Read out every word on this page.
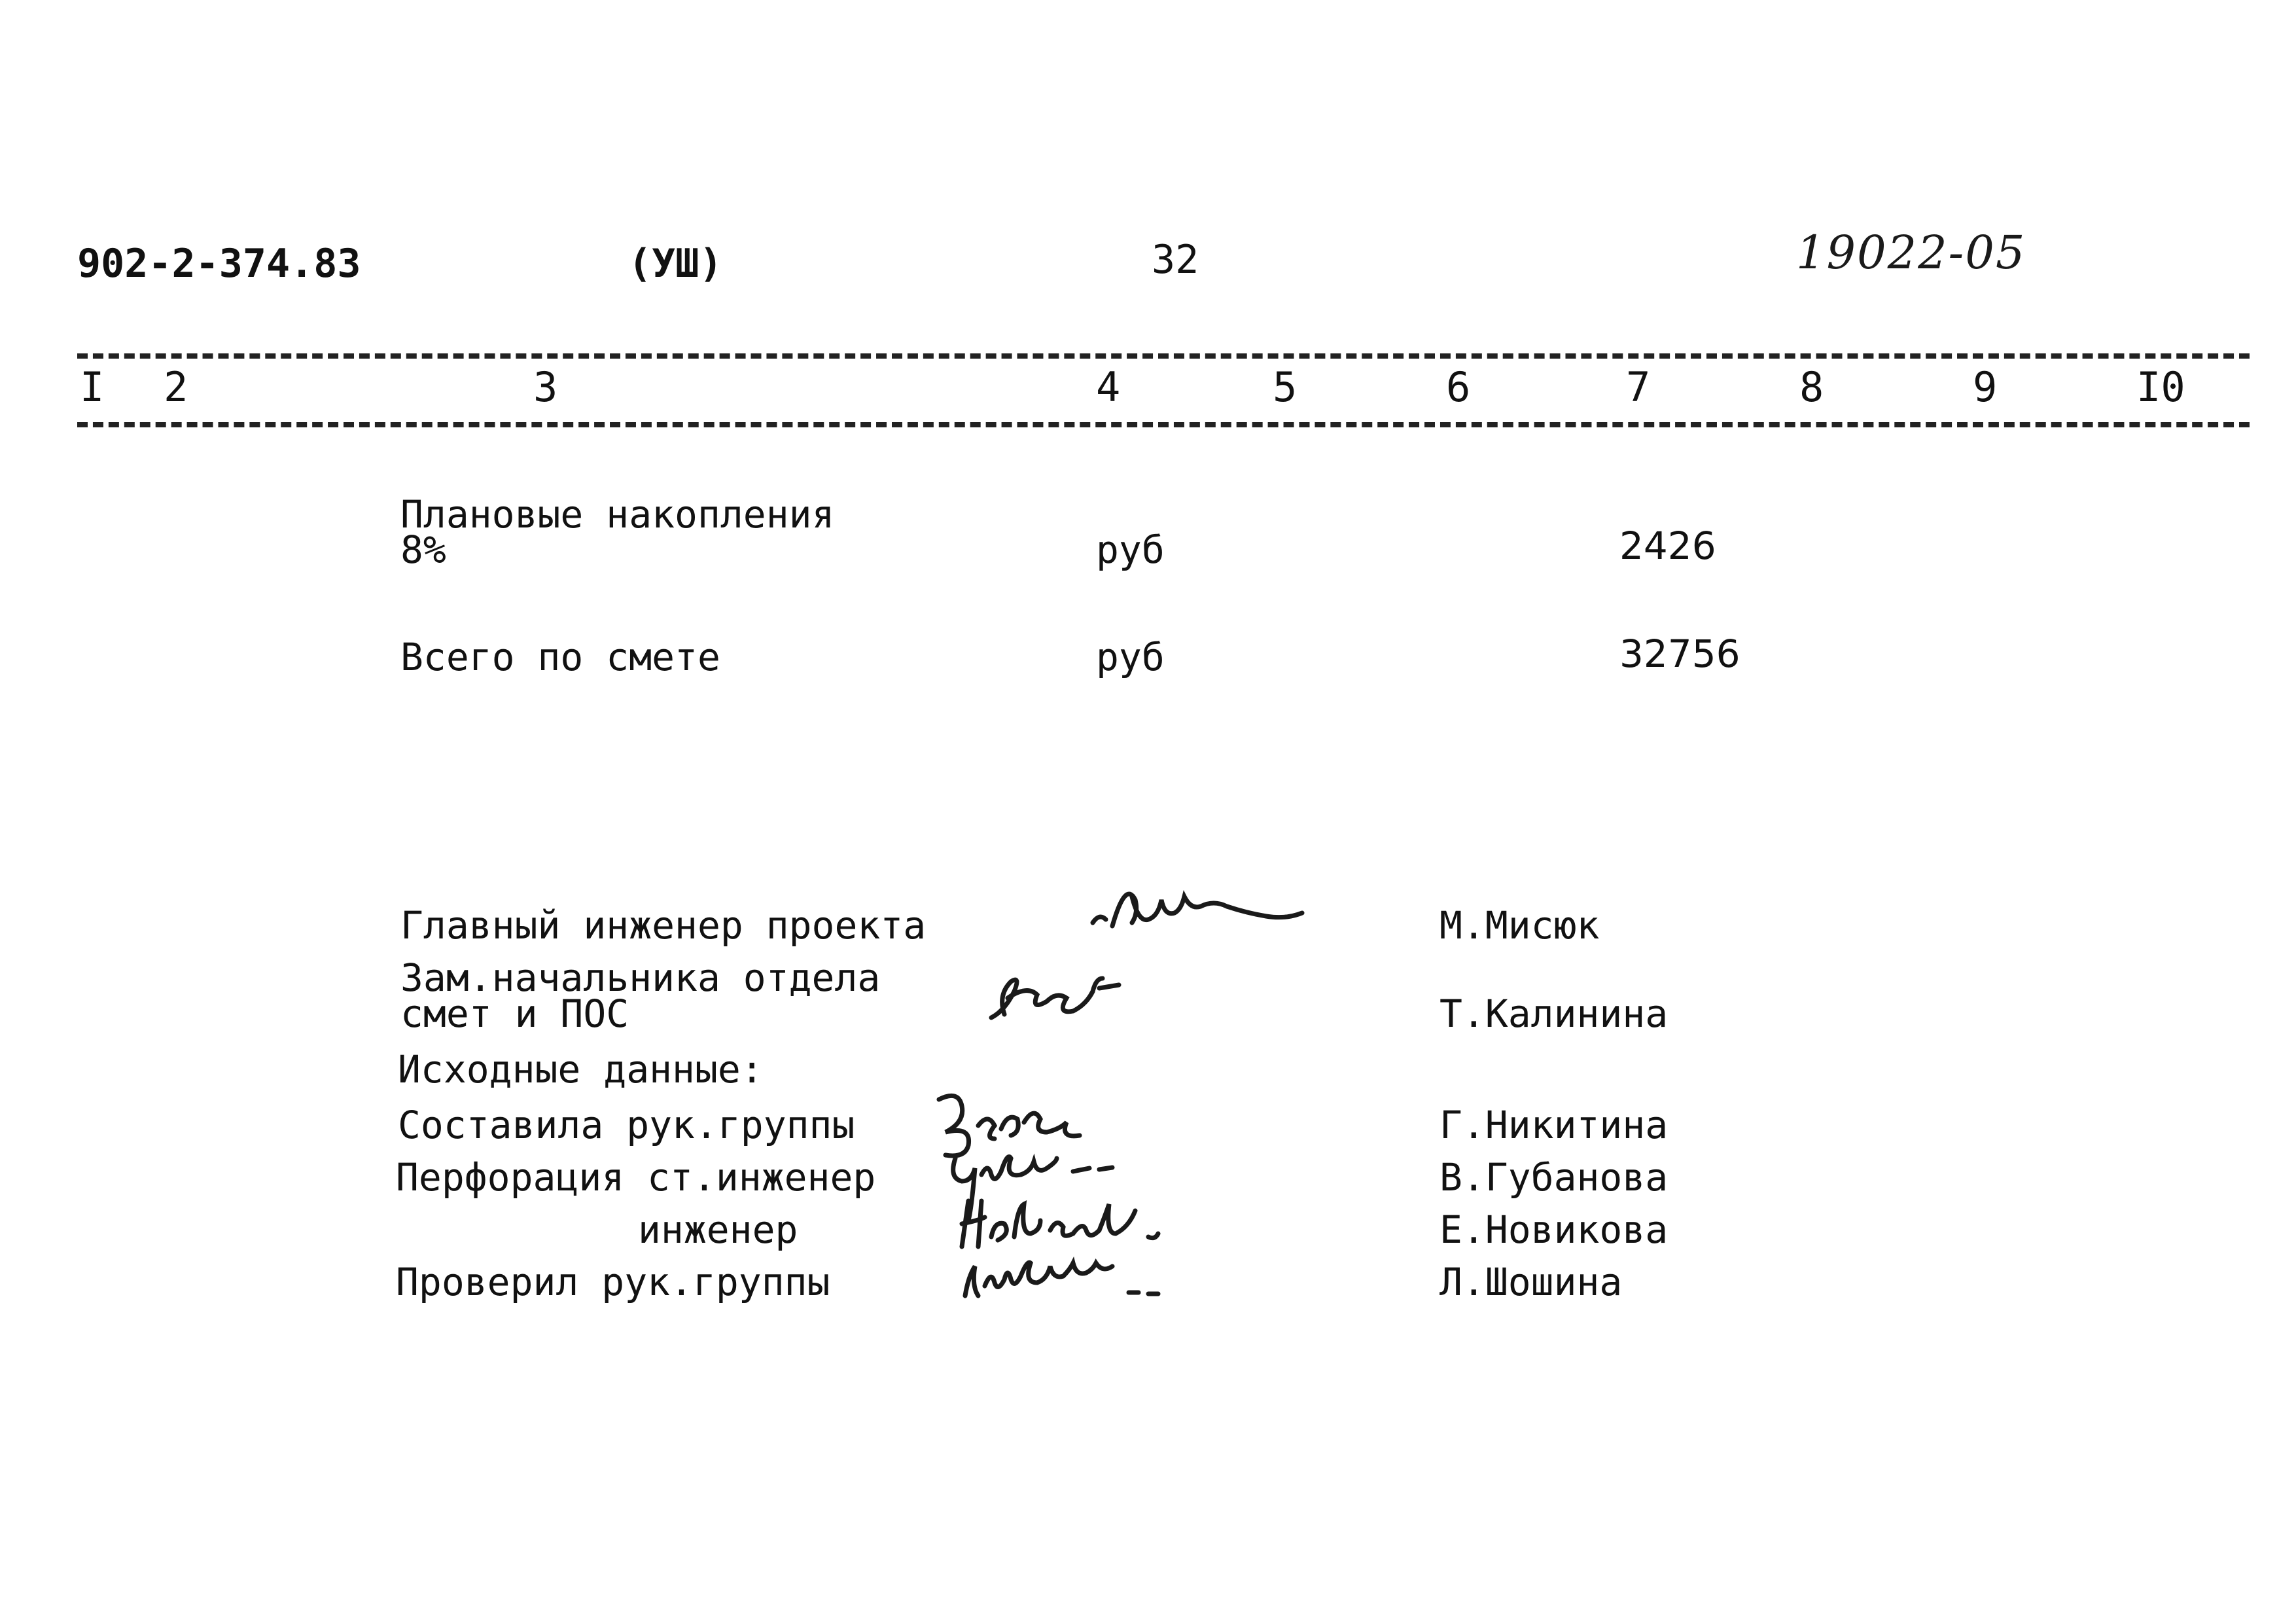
902-2-374.83	(УШ)	32	19022-05
I 2	3	4	5	6	7	8	9	I0
Плановые накопления
8%	руб	2426
Всего по смете	руб	32756
Главный инженер проекта	М.Мисюк
Зам.начальника отдела
смет и ПОС	Т.Калинина
Исходные данные:
Составила рук.группы	Г.Никитина
Перфорация ст.инженер	В.Губанова
инженер	Е.Новикова
Проверил рук.группы	Л.Шошина
